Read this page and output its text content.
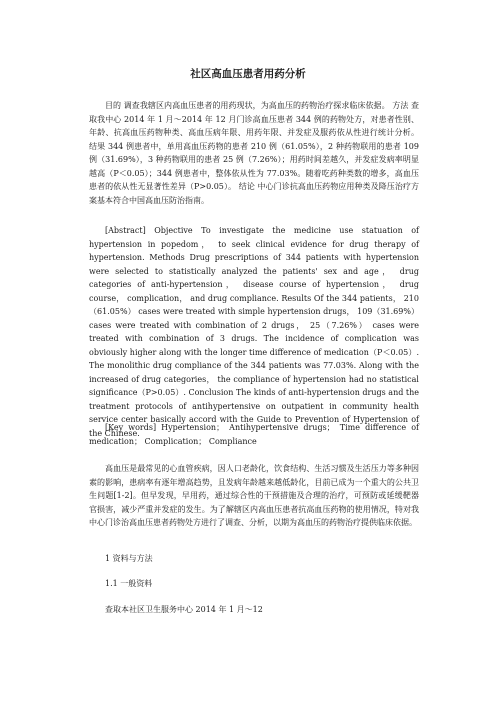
社区高血压患者用药分析
目的 调查我辖区内高血压患者的用药现状，为高血压的药物治疗探求临床依据。 方法 查取我中心 2014 年 1 月～2014 年 12 月门诊高血压患者 344 例的药物处方，对患者性别、年龄、抗高血压药物种类、高血压病年限、用药年限、并发症及服药依从性进行统计分析。 结果 344 例患者中，单用高血压药物的患者 210 例（61.05%），2 种药物联用的患者 109 例（31.69%），3 种药物联用的患者 25 例（7.26%）；用药时间差越久，并发症发病率明显越高（P＜0.05）；344 例患者中，整体依从性为 77.03%。随着吃药种类数的增多，高血压患者的依从性无显著性差异（P>0.05）。 结论 中心门诊抗高血压药物应用种类及降压治疗方案基本符合中国高血压防治指南。
[Abstract] Objective To investigate the medicine use statuation of hypertension in popedom， to seek clinical evidence for drug therapy of hypertension. Methods Drug prescriptions of 344 patients with hypertension were selected to statistically analyzed the patients' sex and age， drug categories of anti-hypertension， disease course of hypertension， drug course， complication， and drug compliance. Results Of the 344 patients， 210（61.05%） cases were treated with simple hypertension drugs， 109（31.69%） cases were treated with combination of 2 drugs， 25（7.26%） cases were treated with combination of 3 drugs. The incidence of complication was obviously higher along with the longer time difference of medication（P＜0.05）. The monolithic drug compliance of the 344 patients was 77.03%. Along with the increased of drug categories， the compliance of hypertension had no statistical significance（P>0.05）. Conclusion The kinds of anti-hypertension drugs and the treatment protocols of antihypertensive on outpatient in community health service center basically accord with the Guide to Prevention of Hypertension of the Chinese.
[Key words] Hypertension； Antihypertensive drugs； Time difference of medication； Complication； Compliance
高血压是最常见的心血管疾病，因人口老龄化，饮食结构、生活习惯及生活压力等多种因素的影响，患病率有逐年增高趋势，且发病年龄越来越低龄化，目前已成为一个重大的公共卫生问题[1-2]。但早发现，早用药，通过综合性的干预措施及合理的治疗，可预防或延缓靶器官损害，减少严重并发症的发生。为了解辖区内高血压患者抗高血压药物的使用情况，特对我中心门诊治高血压患者药物处方进行了调查、分析，以期为高血压的药物治疗提供临床依据。
1 资料与方法
1.1 一般资料
查取本社区卫生服务中心 2014 年 1 月～12
